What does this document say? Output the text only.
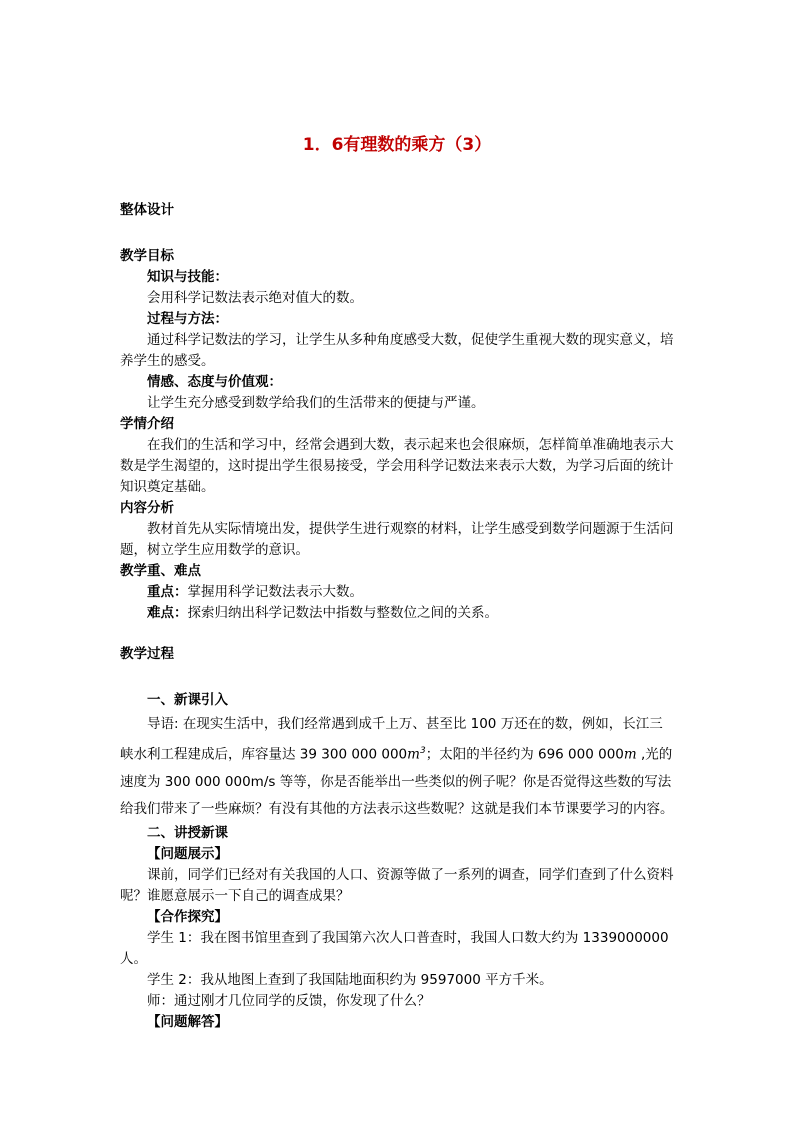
1．6有理数的乘方（3）
整体设计

教学目标

知识与技能：

会用科学记数法表示绝对值大的数。

过程与方法：

通过科学记数法的学习，让学生从多种角度感受大数，促使学生重视大数的现实意义，培养学生的感受。

情感、态度与价值观：

让学生充分感受到数学给我们的生活带来的便捷与严谨。

学情介绍

在我们的生活和学习中，经常会遇到大数，表示起来也会很麻烦，怎样简单准确地表示大数是学生渴望的，这时提出学生很易接受，学会用科学记数法来表示大数，为学习后面的统计知识奠定基础。

内容分析

教材首先从实际情境出发，提供学生进行观察的材料，让学生感受到数学问题源于生活问题，树立学生应用数学的意识。

教学重、难点

重点：掌握用科学记数法表示大数。

难点：探索归纳出科学记数法中指数与整数位之间的关系。

教学过程

一、新课引入

导语: 在现实生活中，我们经常遇到成千上万、甚至比 100 万还在的数，例如，长江三峡水利工程建成后，库容量达 39 300 000 $000m^3$；太阳的半径约为 696 000 000m ,光的速度为 300 000 000m/s 等等，你是否能举出一些类似的例子呢？你是否觉得这些数的写法给我们带来了一些麻烦？有没有其他的方法表示这些数呢？这就是我们本节课要学习的内容。

二、讲授新课

【问题展示】

课前，同学们已经对有关我国的人口、资源等做了一系列的调查，同学们查到了什么资料呢？谁愿意展示一下自己的调查成果？

【合作探究】

学生 1：我在图书馆里查到了我国第六次人口普查时，我国人口数大约为 1339000000 人。

学生 2：我从地图上查到了我国陆地面积约为 9597000 平方千米。

师：通过刚才几位同学的反馈，你发现了什么？

【问题解答】
